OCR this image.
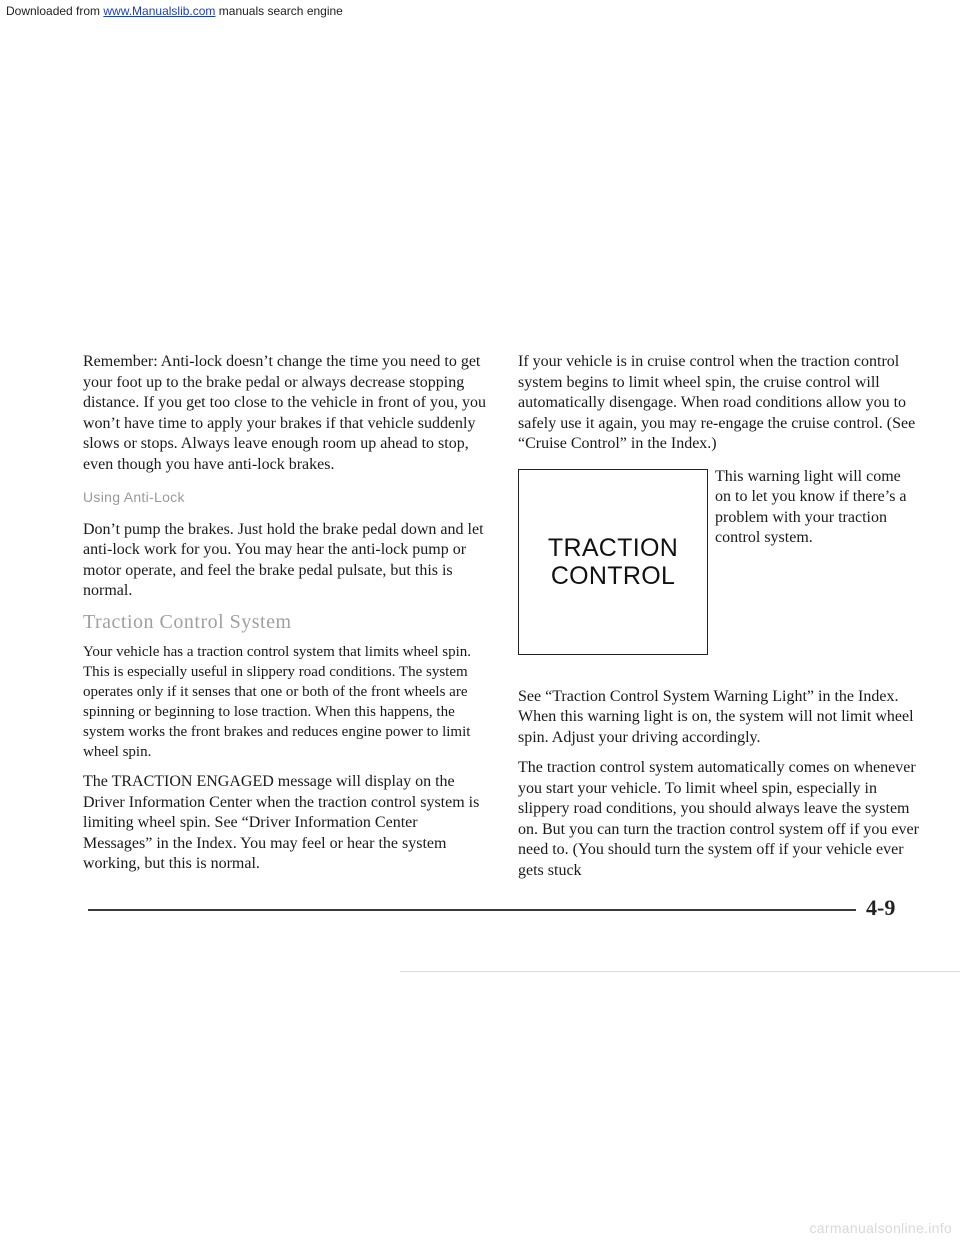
Downloaded from www.Manualslib.com manuals search engine

Remember: Anti-lock doesn’t change the time you need to get your foot up to the brake pedal or always decrease stopping distance. If you get too close to the vehicle in front of you, you won’t have time to apply your brakes if that vehicle suddenly slows or stops. Always leave enough room up ahead to stop, even though you have anti-lock brakes.

Using Anti-Lock

Don’t pump the brakes. Just hold the brake pedal down and let anti-lock work for you. You may hear the anti-lock pump or motor operate, and feel the brake pedal pulsate, but this is normal.

Traction Control System

Your vehicle has a traction control system that limits wheel spin. This is especially useful in slippery road conditions. The system operates only if it senses that one or both of the front wheels are spinning or beginning to lose traction. When this happens, the system works the front brakes and reduces engine power to limit wheel spin.

The TRACTION ENGAGED message will display on the Driver Information Center when the traction control system is limiting wheel spin. See “Driver Information Center Messages” in the Index. You may feel or hear the system working, but this is normal.

If your vehicle is in cruise control when the traction control system begins to limit wheel spin, the cruise control will automatically disengage. When road conditions allow you to safely use it again, you may re-engage the cruise control. (See “Cruise Control” in the Index.)

TRACTION
CONTROL

This warning light will come on to let you know if there’s a problem with your traction control system.

See “Traction Control System Warning Light” in the Index. When this warning light is on, the system will not limit wheel spin. Adjust your driving accordingly.

The traction control system automatically comes on whenever you start your vehicle. To limit wheel spin, especially in slippery road conditions, you should always leave the system on. But you can turn the traction control system off if you ever need to. (You should turn the system off if your vehicle ever gets stuck

4-9
carmanualsonline.info
